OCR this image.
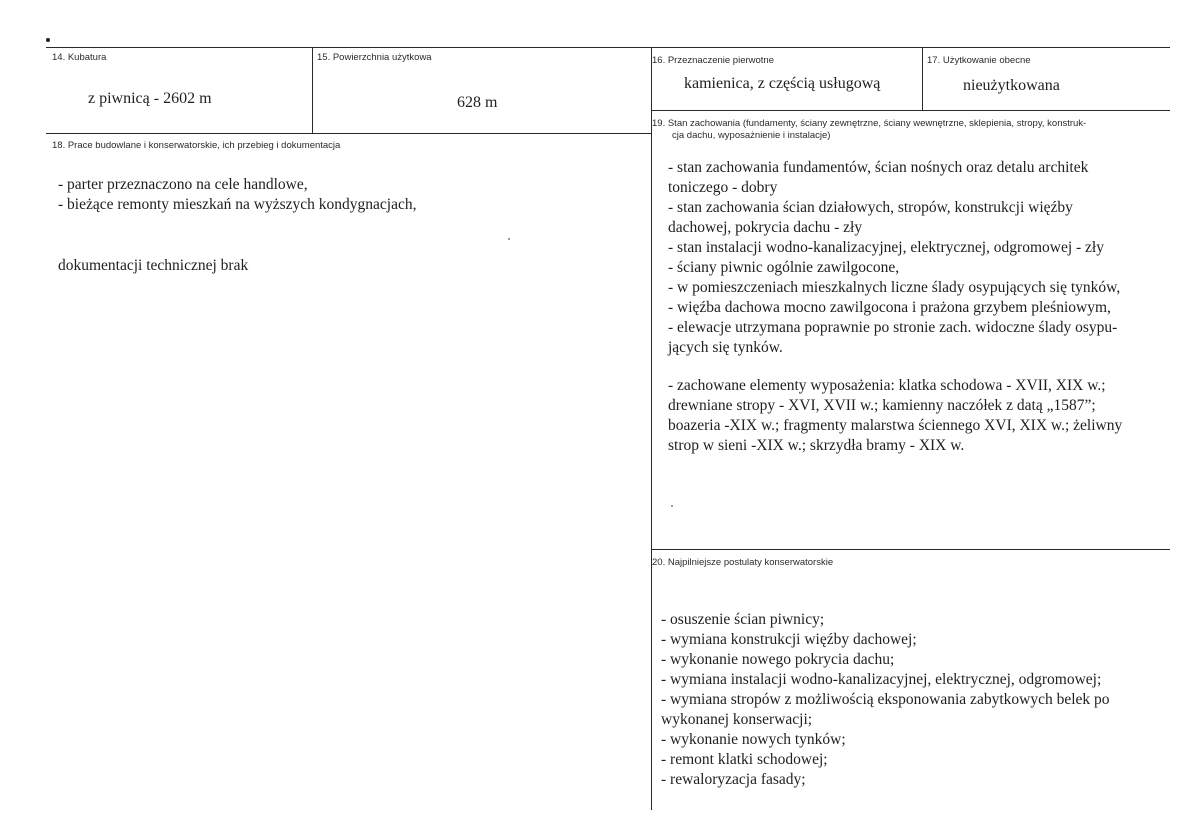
14. Kubatura
z piwnicą - 2602 m
15. Powierzchnia użytkowa
628 m
16. Przeznaczenie pierwotne
kamienica, z częścią usługową
17. Użytkowanie obecne
nieużytkowana
18. Prace budowlane i konserwatorskie, ich przebieg i dokumentacja
- parter przeznaczono na cele handlowe,
- bieżące remonty mieszkań na wyższych kondygnacjach,
dokumentacji technicznej brak
19. Stan zachowania (fundamenty, ściany zewnętrzne, ściany wewnętrzne, sklepienia, stropy, konstruk-
cja dachu, wyposażnienie i instalacje)
- stan zachowania fundamentów, ścian nośnych oraz detalu architek
toniczego - dobry
- stan zachowania ścian działowych, stropów, konstrukcji więźby
dachowej, pokrycia dachu - zły
- stan instalacji wodno-kanalizacyjnej, elektrycznej, odgromowej - zły
- ściany piwnic ogólnie zawilgocone,
- w pomieszczeniach mieszkalnych liczne ślady osypujących się tynków,
- więźba dachowa mocno zawilgocona i prażona grzybem pleśniowym,
- elewacje utrzymana poprawnie po stronie zach. widoczne ślady osypu-
jących się tynków.
- zachowane elementy wyposażenia: klatka schodowa - XVII, XIX w.;
drewniane stropy - XVI, XVII w.; kamienny naczółek z datą „1587”;
boazeria -XIX w.; fragmenty malarstwa ściennego XVI, XIX w.; żeliwny
strop w sieni -XIX w.; skrzydła bramy - XIX w.
20. Najpilniejsze postulaty konserwatorskie
- osuszenie ścian piwnicy;
- wymiana konstrukcji więźby dachowej;
- wykonanie nowego pokrycia dachu;
- wymiana instalacji wodno-kanalizacyjnej, elektrycznej, odgromowej;
- wymiana stropów z możliwością eksponowania zabytkowych belek po
wykonanej konserwacji;
- wykonanie nowych tynków;
- remont klatki schodowej;
- rewaloryzacja fasady;
